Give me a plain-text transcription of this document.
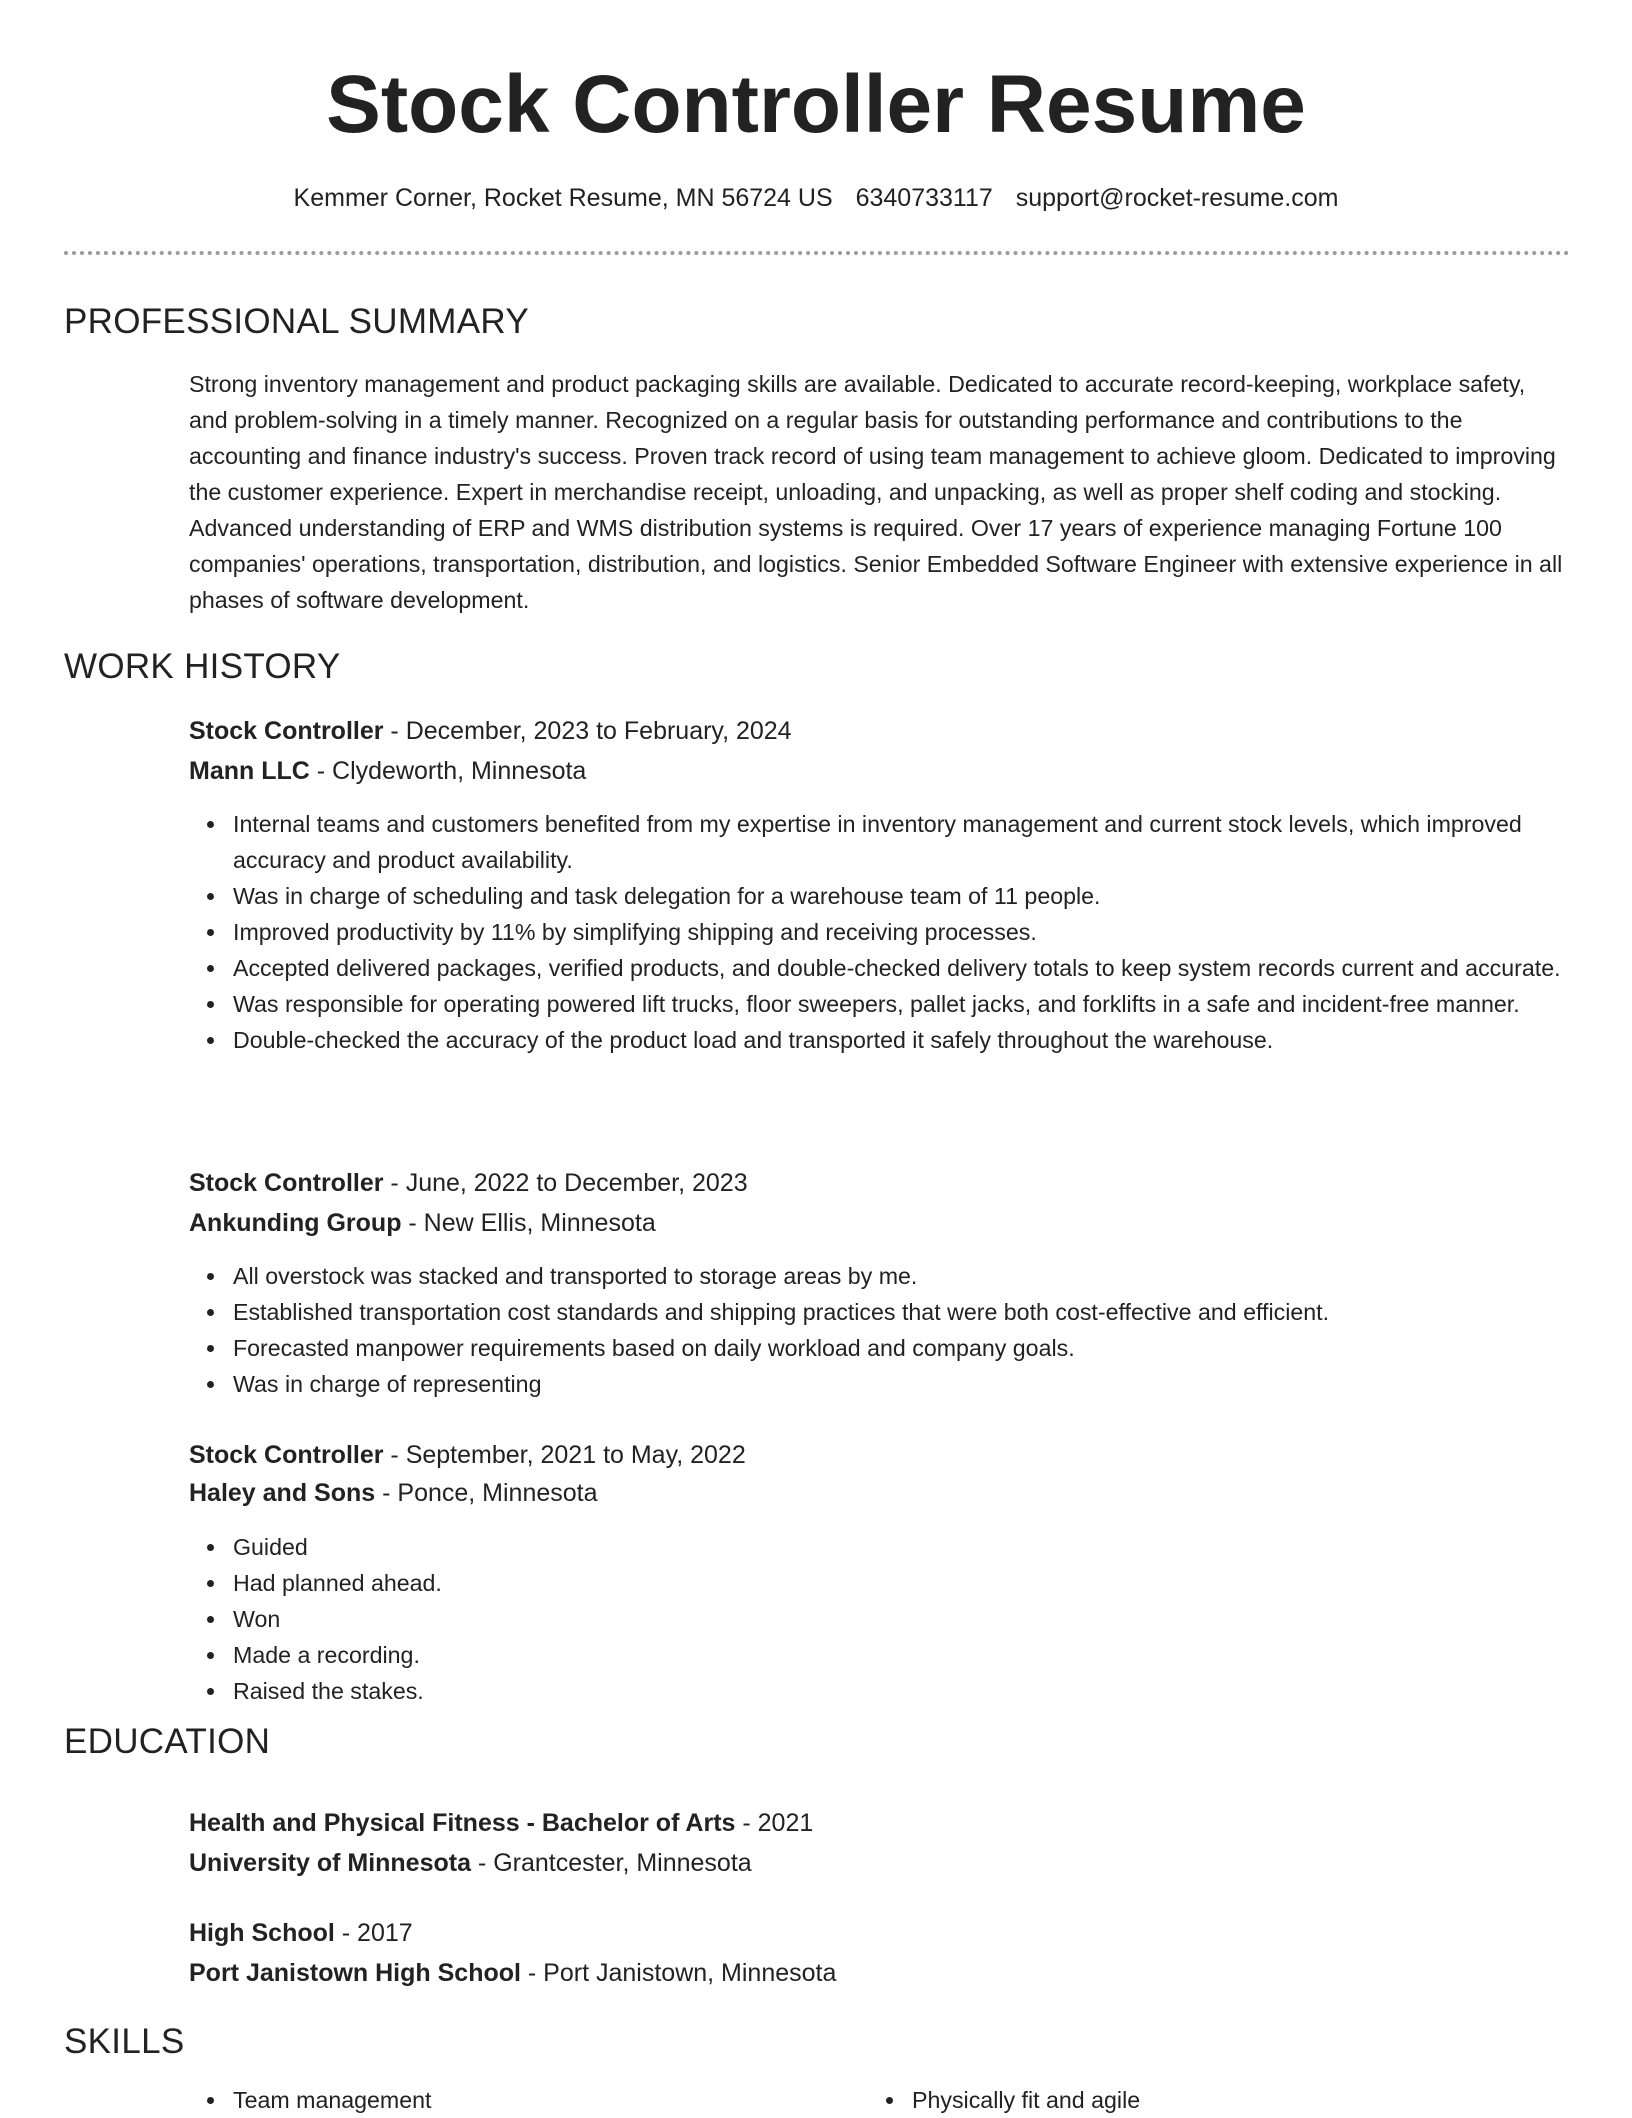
Stock Controller Resume
Kemmer Corner, Rocket Resume, MN 56724 US 6340733117 support@rocket-resume.com
PROFESSIONAL SUMMARY

Strong inventory management and product packaging skills are available. Dedicated to accurate record-keeping, workplace safety, and problem-solving in a timely manner. Recognized on a regular basis for outstanding performance and contributions to the accounting and finance industry's success. Proven track record of using team management to achieve gloom. Dedicated to improving the customer experience. Expert in merchandise receipt, unloading, and unpacking, as well as proper shelf coding and stocking. Advanced understanding of ERP and WMS distribution systems is required. Over 17 years of experience managing Fortune 100 companies' operations, transportation, distribution, and logistics. Senior Embedded Software Engineer with extensive experience in all phases of software development.

WORK HISTORY
Stock Controller - December, 2023 to February, 2024
Mann LLC - Clydeworth, Minnesota
Internal teams and customers benefited from my expertise in inventory management and current stock levels, which improved accuracy and product availability.
Was in charge of scheduling and task delegation for a warehouse team of 11 people.
Improved productivity by 11% by simplifying shipping and receiving processes.
Accepted delivered packages, verified products, and double-checked delivery totals to keep system records current and accurate.
Was responsible for operating powered lift trucks, floor sweepers, pallet jacks, and forklifts in a safe and incident-free manner.
Double-checked the accuracy of the product load and transported it safely throughout the warehouse.
Stock Controller - June, 2022 to December, 2023
Ankunding Group - New Ellis, Minnesota
All overstock was stacked and transported to storage areas by me.
Established transportation cost standards and shipping practices that were both cost-effective and efficient.
Forecasted manpower requirements based on daily workload and company goals.
Was in charge of representing
Stock Controller - September, 2021 to May, 2022
Haley and Sons - Ponce, Minnesota
Guided
Had planned ahead.
Won
Made a recording.
Raised the stakes.
EDUCATION
Health and Physical Fitness - Bachelor of Arts - 2021
University of Minnesota - Grantcester, Minnesota
High School - 2017
Port Janistown High School - Port Janistown, Minnesota
SKILLS
Team management	Physically fit and agile
